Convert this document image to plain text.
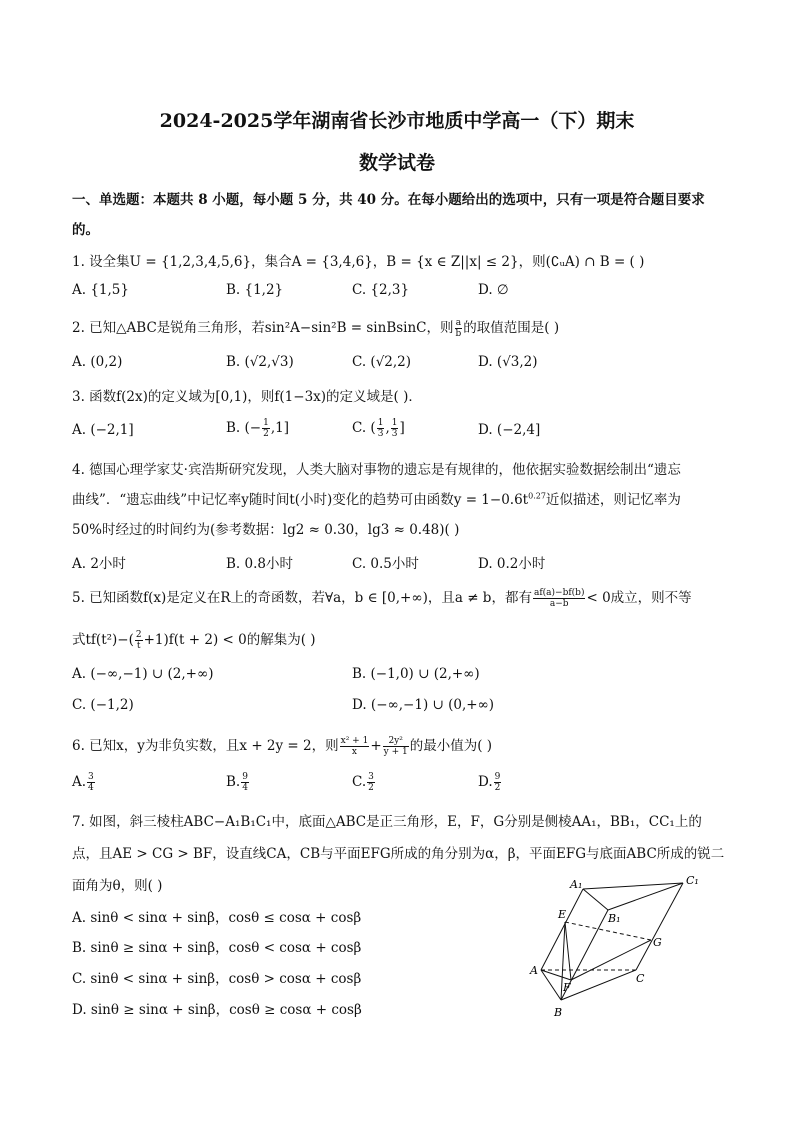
2024-2025学年湖南省长沙市地质中学高一（下）期末
数学试卷
一、单选题：本题共 8 小题，每小题 5 分，共 40 分。在每小题给出的选项中，只有一项是符合题目要求
的。
1. 设全集U = {1,2,3,4,5,6}，集合A = {3,4,6}，B = {x ∈ Z||x| ≤ 2}，则(∁ᵤA) ∩ B = ( )
A. {1,5}	B. {1,2}	C. {2,3}	D. ∅
2. 已知△ABC是锐角三角形，若sin²A−sin²B = sinBsinC，则 $\frac{a}{b}$ 的取值范围是( )
A. (0,2)	B. (√2,√3)	C. (√2,2)	D. (√3,2)
3. 函数f(2x)的定义域为[0,1)，则f(1−3x)的定义域是( )．
A. (−2,1]	B. (− $\frac{1}{2} ,1$]	C. ( $\frac{1}{3}$ , $\frac{1}{3}$ ]	D. (−2,4]
4. 德国心理学家艾·宾浩斯研究发现，人类大脑对事物的遗忘是有规律的，他依据实验数据绘制出“遗忘
曲线”．“遗忘曲线”中记忆率y随时间t(小时)变化的趋势可由函数$y = 1-0.6t^{0.27}$近似描述，则记忆率为
50%时经过的时间约为(参考数据：lg2 ≈ 0.30，lg3 ≈ 0.48)( )
A. 2小时	B. 0.8小时	C. 0.5小时	D. 0.2小时
5. 已知函数f(x)是定义在R上的奇函数，若∀a，b ∈ [0,+∞)，且a ≠ b，都有 $\frac{af(a)-bf(b)}{a-b} < 0$成立，则不等
式$tf(t^2)-( \frac{2}{t} +1)f(t + 2) < 0$的解集为( )
A. (−∞,−1) ∪ (2,+∞)	B. (−1,0) ∪ (2,+∞)
C. (−1,2)	D. (−∞,−1) ∪ (0,+∞)
6. 已知x，y为非负实数，且x + 2y = 2，则 $\frac{\text{x² + 1}}{x} + \frac{\text{2y²}}{y + 1}$ 的最小值为( )
A. $\frac{3}{4}$	B. $\frac{9}{4}$	C. $\frac{3}{2}$	D. $\frac{9}{2}$
7. 如图，斜三棱柱ABC−A₁B₁C₁中，底面△ABC是正三角形，E，F，G分别是侧棱AA₁，BB₁，CC₁上的
点，且AE > CG > BF，设直线CA，CB与平面EFG所成的角分别为α，β，平面EFG与底面ABC所成的锐二
面角为θ，则( )
A. sinθ < sinα + sinβ，cosθ ≤ cosα + cosβ
B. sinθ ≥ sinα + sinβ，cosθ < cosα + cosβ
C. sinθ < sinα + sinβ，cosθ > cosα + cosβ
D. sinθ ≥ sinα + sinβ，cosθ ≥ cosα + cosβ
A₁	C₁
B₁
E
G
A
C
F
B
